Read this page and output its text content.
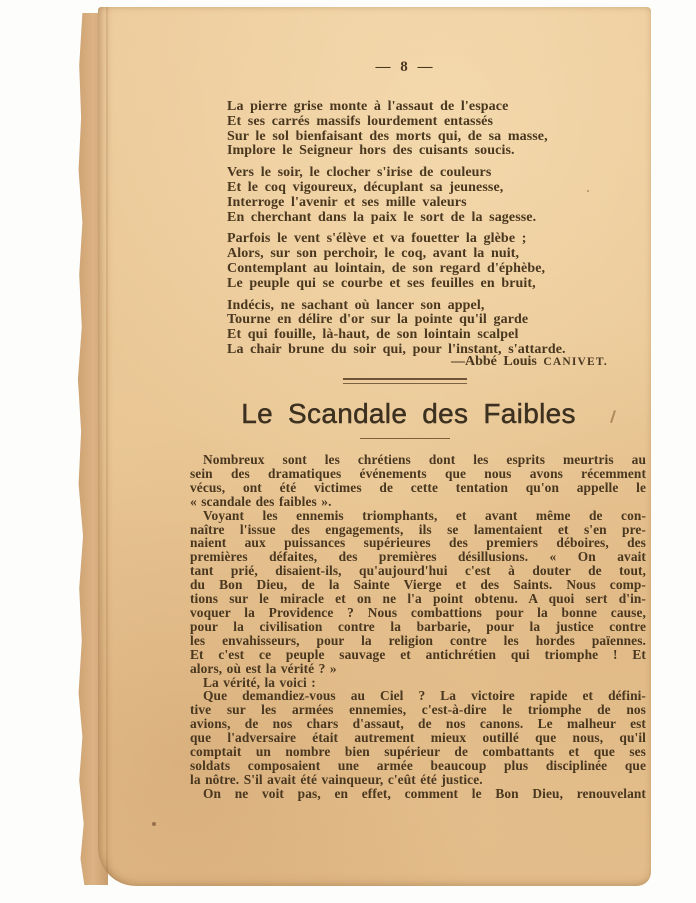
— 8 —
La pierre grise monte à l'assaut de l'espace
Et ses carrés massifs lourdement entassés
Sur le sol bienfaisant des morts qui, de sa masse,
Implore le Seigneur hors des cuisants soucis.
Vers le soir, le clocher s'irise de couleurs
Et le coq vigoureux, décuplant sa jeunesse,
Interroge l'avenir et ses mille valeurs
En cherchant dans la paix le sort de la sagesse.
Parfois le vent s'élève et va fouetter la glèbe ;
Alors, sur son perchoir, le coq, avant la nuit,
Contemplant au lointain, de son regard d'éphèbe,
Le peuple qui se courbe et ses feuilles en bruit,
Indécis, ne sachant où lancer son appel,
Tourne en délire d'or sur la pointe qu'il garde
Et qui fouille, là-haut, de son lointain scalpel
La chair brune du soir qui, pour l'instant, s'attarde.
—Abbé Louis CANIVET.
Le Scandale des Faibles
Nombreux sont les chrétiens dont les esprits meurtris au
sein des dramatiques événements que nous avons récemment
vécus, ont été victimes de cette tentation qu'on appelle le
« scandale des faibles ».
Voyant les ennemis triomphants, et avant même de con-
naître l'issue des engagements, ils se lamentaient et s'en pre-
naient aux puissances supérieures des premiers déboires, des
premières défaites, des premières désillusions. « On avait
tant prié, disaient-ils, qu'aujourd'hui c'est à douter de tout,
du Bon Dieu, de la Sainte Vierge et des Saints. Nous comp-
tions sur le miracle et on ne l'a point obtenu. A quoi sert d'in-
voquer la Providence ? Nous combattions pour la bonne cause,
pour la civilisation contre la barbarie, pour la justice contre
les envahisseurs, pour la religion contre les hordes païennes.
Et c'est ce peuple sauvage et antichrétien qui triomphe ! Et
alors, où est la vérité ? »
La vérité, la voici :
Que demandiez-vous au Ciel ? La victoire rapide et défini-
tive sur les armées ennemies, c'est-à-dire le triomphe de nos
avions, de nos chars d'assaut, de nos canons. Le malheur est
que l'adversaire était autrement mieux outillé que nous, qu'il
comptait un nombre bien supérieur de combattants et que ses
soldats composaient une armée beaucoup plus disciplinée que
la nôtre. S'il avait été vainqueur, c'eût été justice.
On ne voit pas, en effet, comment le Bon Dieu, renouvelant
